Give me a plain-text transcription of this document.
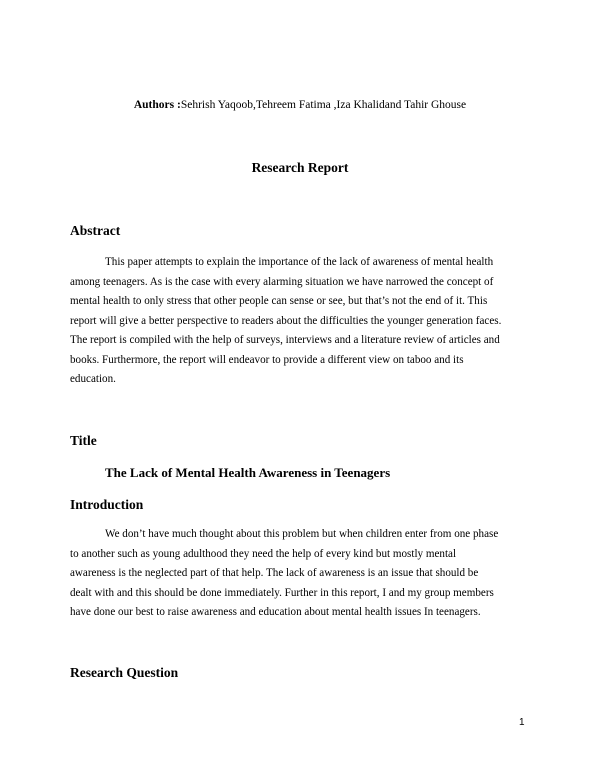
Authors :Sehrish Yaqoob,Tehreem Fatima ,Iza Khalidand Tahir Ghouse
Research Report
Abstract
This paper attempts to explain the importance of the lack of awareness of mental health
among teenagers. As is the case with every alarming situation we have narrowed the concept of
mental health to only stress that other people can sense or see, but that’s not the end of it. This
report will give a better perspective to readers about the difficulties the younger generation faces.
The report is compiled with the help of surveys, interviews and a literature review of articles and
books. Furthermore, the report will endeavor to provide a different view on taboo and its
education.
Title
The Lack of Mental Health Awareness in Teenagers
Introduction
We don’t have much thought about this problem but when children enter from one phase
to another such as young adulthood they need the help of every kind but mostly mental
awareness is the neglected part of that help. The lack of awareness is an issue that should be
dealt with and this should be done immediately. Further in this report, I and my group members
have done our best to raise awareness and education about mental health issues In teenagers.
Research Question
1
